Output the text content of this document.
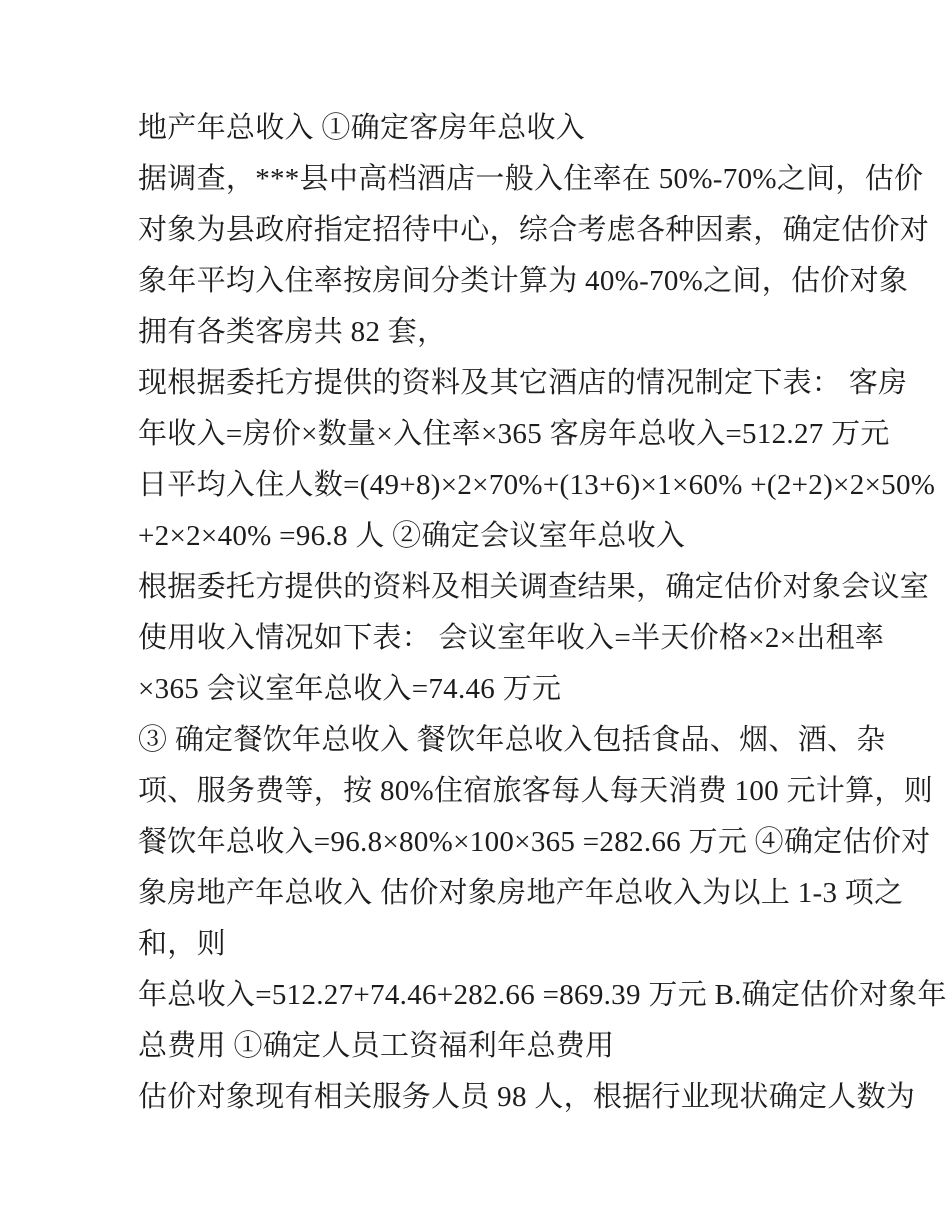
地产年总收入 ①确定客房年总收入
据调查，***县中高档酒店一般入住率在 50%-70%之间，估价
对象为县政府指定招待中心，综合考虑各种因素，确定估价对
象年平均入住率按房间分类计算为 40%-70%之间，估价对象
拥有各类客房共 82 套，
现根据委托方提供的资料及其它酒店的情况制定下表： 客房
年收入=房价×数量×入住率×365 客房年总收入=512.27 万元
日平均入住人数=(49+8)×2×70%+(13+6)×1×60% +(2+2)×2×50%
+2×2×40% =96.8 人 ②确定会议室年总收入
根据委托方提供的资料及相关调查结果，确定估价对象会议室
使用收入情况如下表： 会议室年收入=半天价格×2×出租率
×365 会议室年总收入=74.46 万元
③ 确定餐饮年总收入 餐饮年总收入包括食品、烟、酒、杂
项、服务费等，按 80%住宿旅客每人每天消费 100 元计算，则
餐饮年总收入=96.8×80%×100×365 =282.66 万元 ④确定估价对
象房地产年总收入 估价对象房地产年总收入为以上 1-3 项之
和，则
年总收入=512.27+74.46+282.66 =869.39 万元 B.确定估价对象年
总费用 ①确定人员工资福利年总费用
估价对象现有相关服务人员 98 人，根据行业现状确定人数为
